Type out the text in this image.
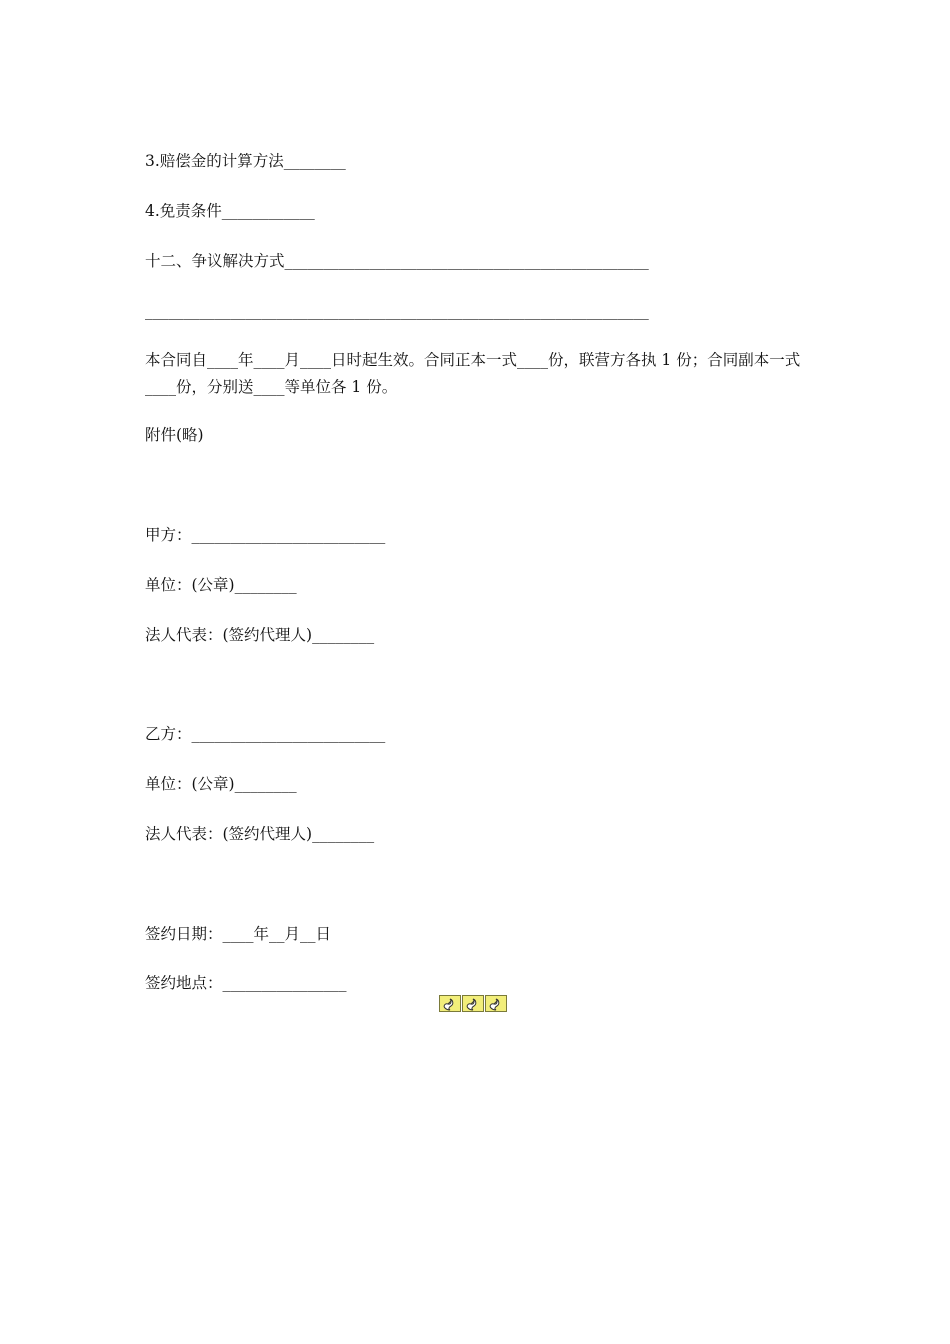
3.赔偿金的计算方法________
4.免责条件____________
十二、争议解决方式_______________________________________________
_________________________________________________________________
本合同自____年____月____日时起生效。合同正本一式____份，联营方各执 1 份；合同副本一式____份，分别送____等单位各 1 份。
附件(略)
甲方：_________________________
单位：(公章)________
法人代表：(签约代理人)________
乙方：_________________________
单位：(公章)________
法人代表：(签约代理人)________
签约日期：____年__月__日
签约地点：________________
